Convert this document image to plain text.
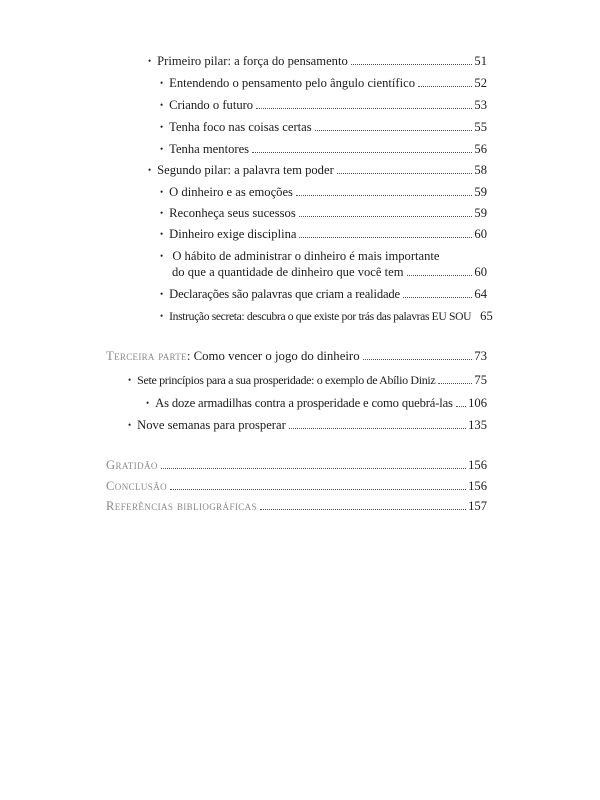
• Primeiro pilar: a força do pensamento	51
• Entendendo o pensamento pelo ângulo científico	52
• Criando o futuro	53
• Tenha foco nas coisas certas	55
• Tenha mentores	56
• Segundo pilar: a palavra tem poder	58
• O dinheiro e as emoções	59
• Reconheça seus sucessos	59
• Dinheiro exige disciplina	60
• O hábito de administrar o dinheiro é mais importante
do que a quantidade de dinheiro que você tem	60
• Declarações são palavras que criam a realidade	64
• Instrução secreta: descubra o que existe por trás das palavras EU SOU 65
Terceira parte: Como vencer o jogo do dinheiro	73
• Sete princípios para a sua prosperidade: o exemplo de Abílio Diniz	75
• As doze armadilhas contra a prosperidade e como quebrá-las 106
• Nove semanas para prosperar	135
Gratidão	156
Conclusão	156
Referências bibliográficas	157
